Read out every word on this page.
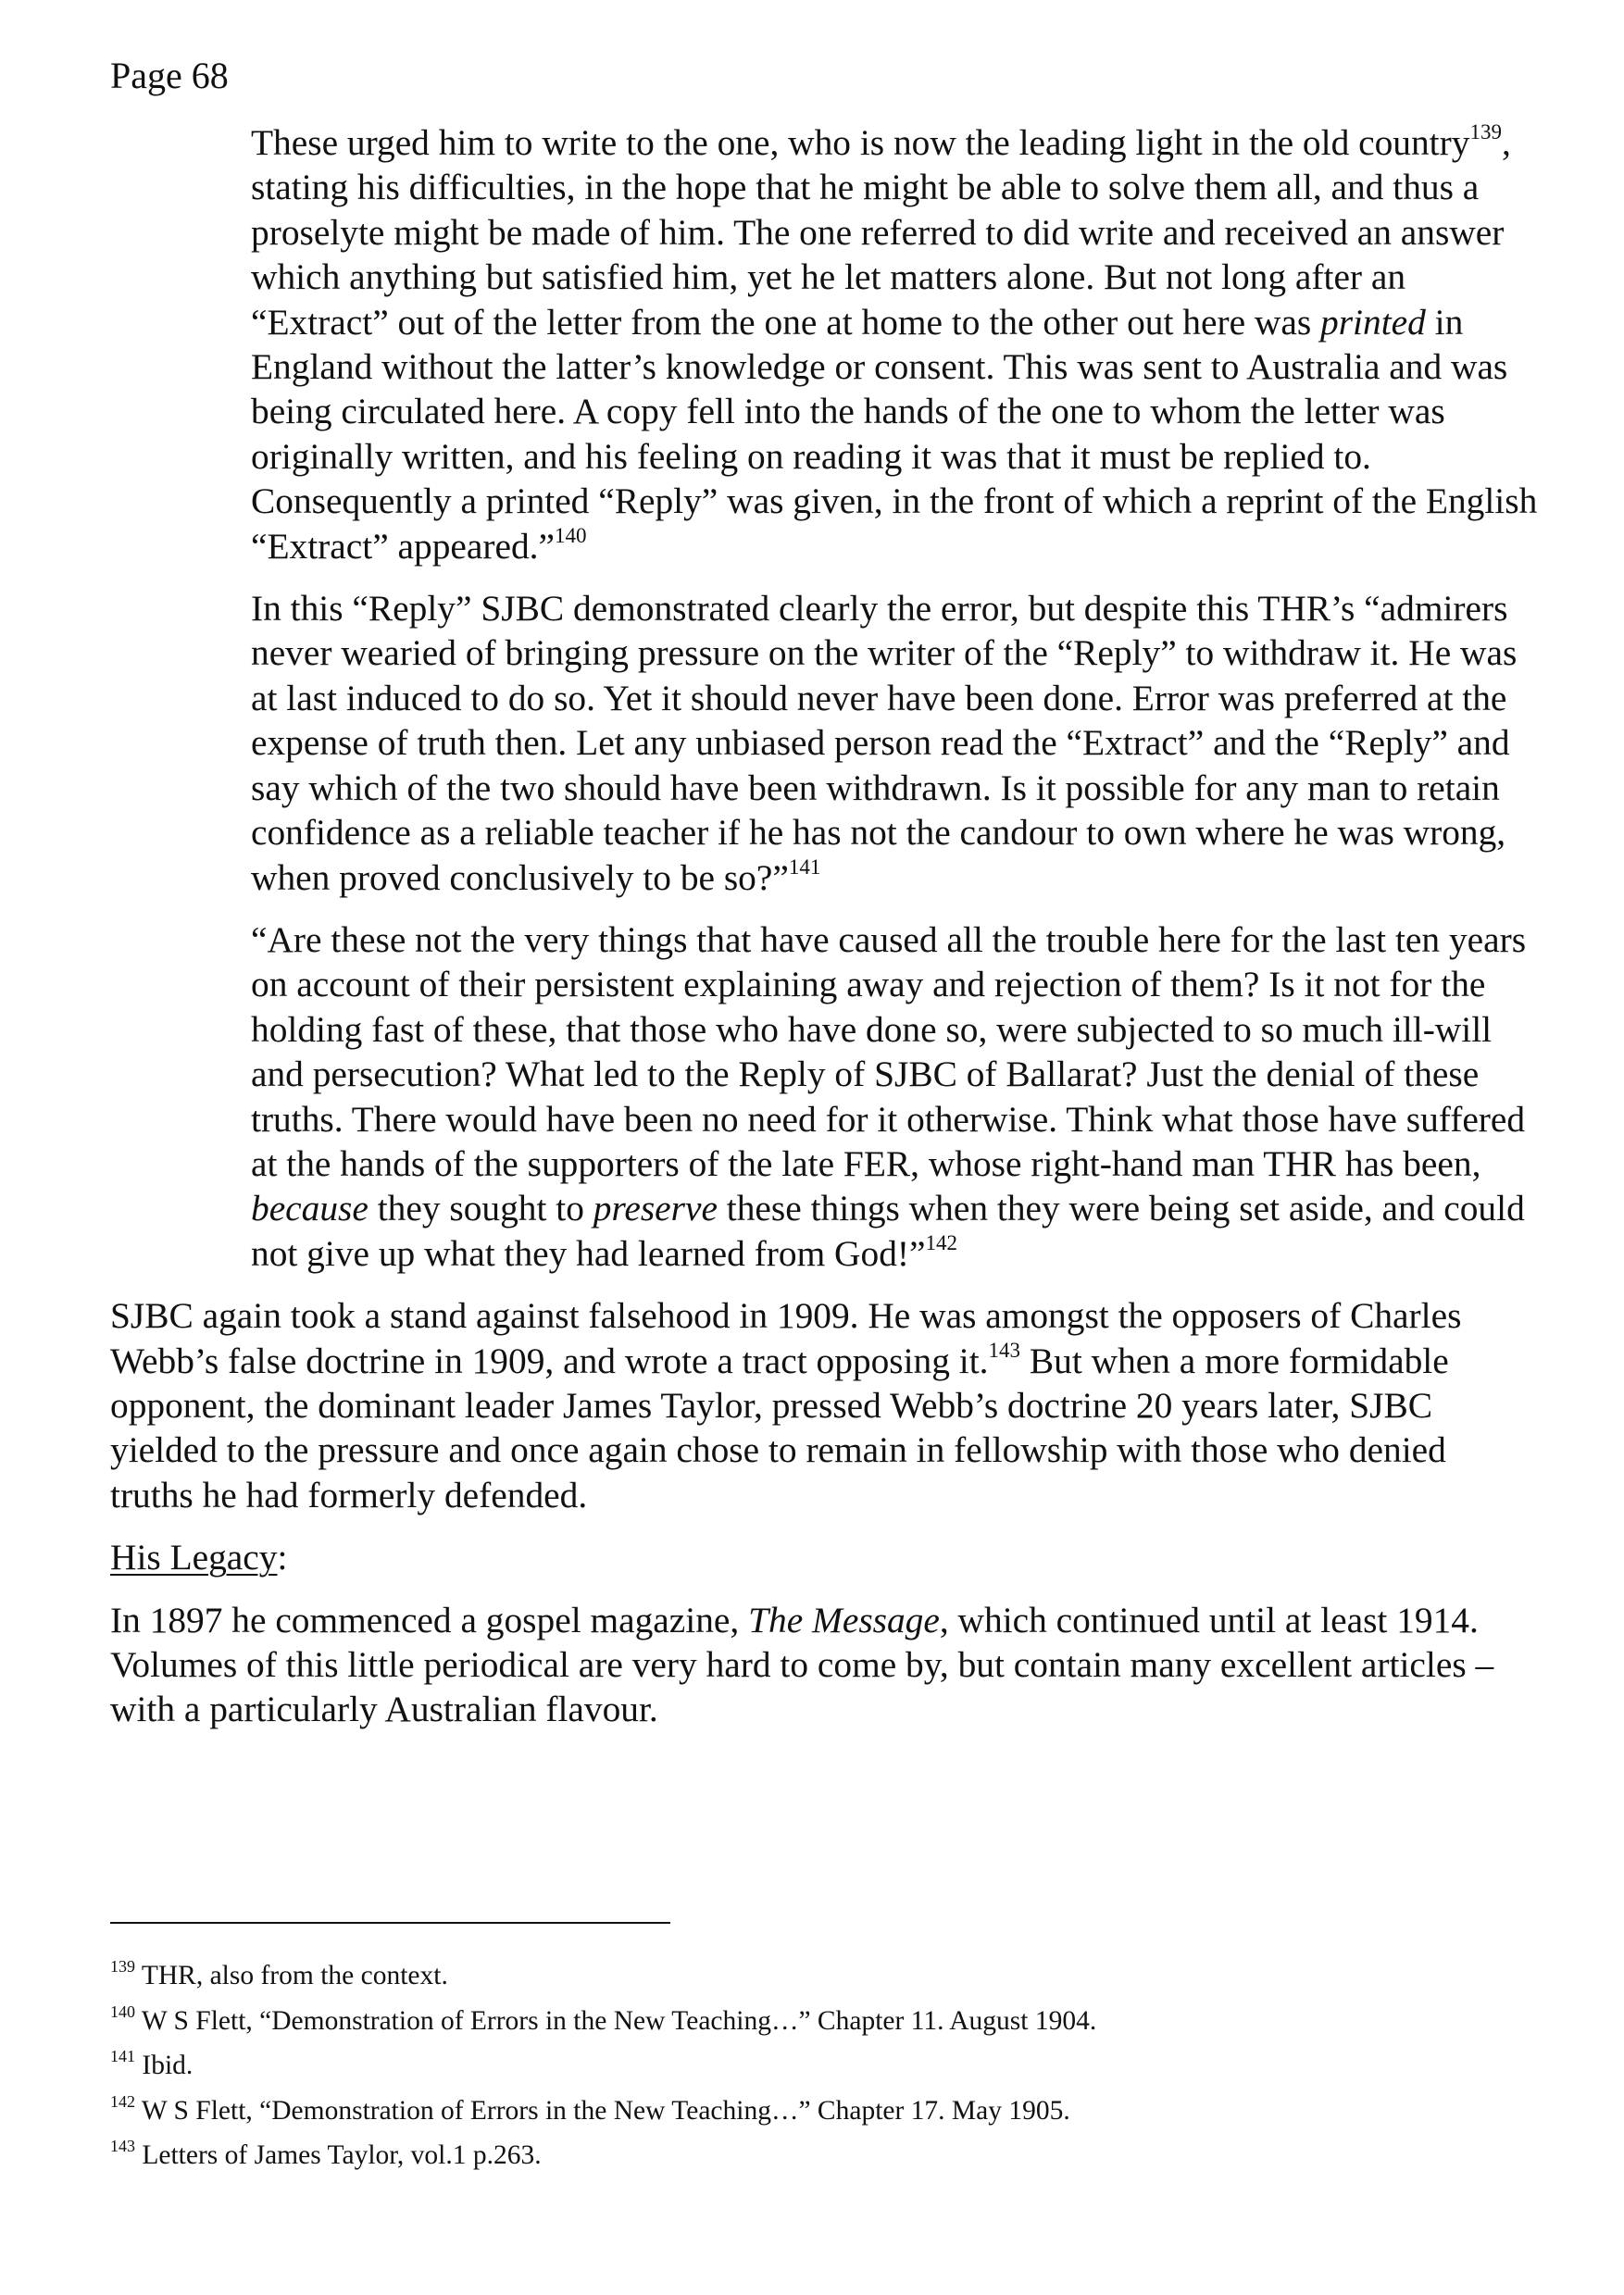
Page 68

These urged him to write to the one, who is now the leading light in the old country$^{139}$, stating his difficulties, in the hope that he might be able to solve them all, and thus a proselyte might be made of him. The one referred to did write and received an answer which anything but satisfied him, yet he let matters alone. But not long after an “Extract” out of the letter from the one at home to the other out here was printed in England without the latter’s knowledge or consent. This was sent to Australia and was being circulated here. A copy fell into the hands of the one to whom the letter was originally written, and his feeling on reading it was that it must be replied to. Consequently a printed “Reply” was given, in the front of which a reprint of the English “Extract” appeared.”$^{140}$

In this “Reply” SJBC demonstrated clearly the error, but despite this THR’s “admirers never wearied of bringing pressure on the writer of the “Reply” to withdraw it. He was at last induced to do so. Yet it should never have been done. Error was preferred at the expense of truth then. Let any unbiased person read the “Extract” and the “Reply” and say which of the two should have been withdrawn. Is it possible for any man to retain confidence as a reliable teacher if he has not the candour to own where he was wrong, when proved conclusively to be so?”$^{141}$

“Are these not the very things that have caused all the trouble here for the last ten years on account of their persistent explaining away and rejection of them? Is it not for the holding fast of these, that those who have done so, were subjected to so much ill-will and persecution? What led to the Reply of SJBC of Ballarat? Just the denial of these truths. There would have been no need for it otherwise. Think what those have suffered at the hands of the supporters of the late FER, whose right-hand man THR has been, because they sought to preserve these things when they were being set aside, and could not give up what they had learned from God!”$^{142}$

SJBC again took a stand against falsehood in 1909. He was amongst the opposers of Charles Webb’s false doctrine in 1909, and wrote a tract opposing it.$^{143}$ But when a more formidable opponent, the dominant leader James Taylor, pressed Webb’s doctrine 20 years later, SJBC yielded to the pressure and once again chose to remain in fellowship with those who denied truths he had formerly defended.

His Legacy:

In 1897 he commenced a gospel magazine, The Message, which continued until at least 1914. Volumes of this little periodical are very hard to come by, but contain many excellent articles – with a particularly Australian flavour.

$^{139}$ THR, also from the context.

$^{140}$ W S Flett, “Demonstration of Errors in the New Teaching…” Chapter 11. August 1904.

$^{141}$ Ibid.

$^{142}$ W S Flett, “Demonstration of Errors in the New Teaching…” Chapter 17. May 1905.

$^{143}$ Letters of James Taylor, vol.1 p.263.
